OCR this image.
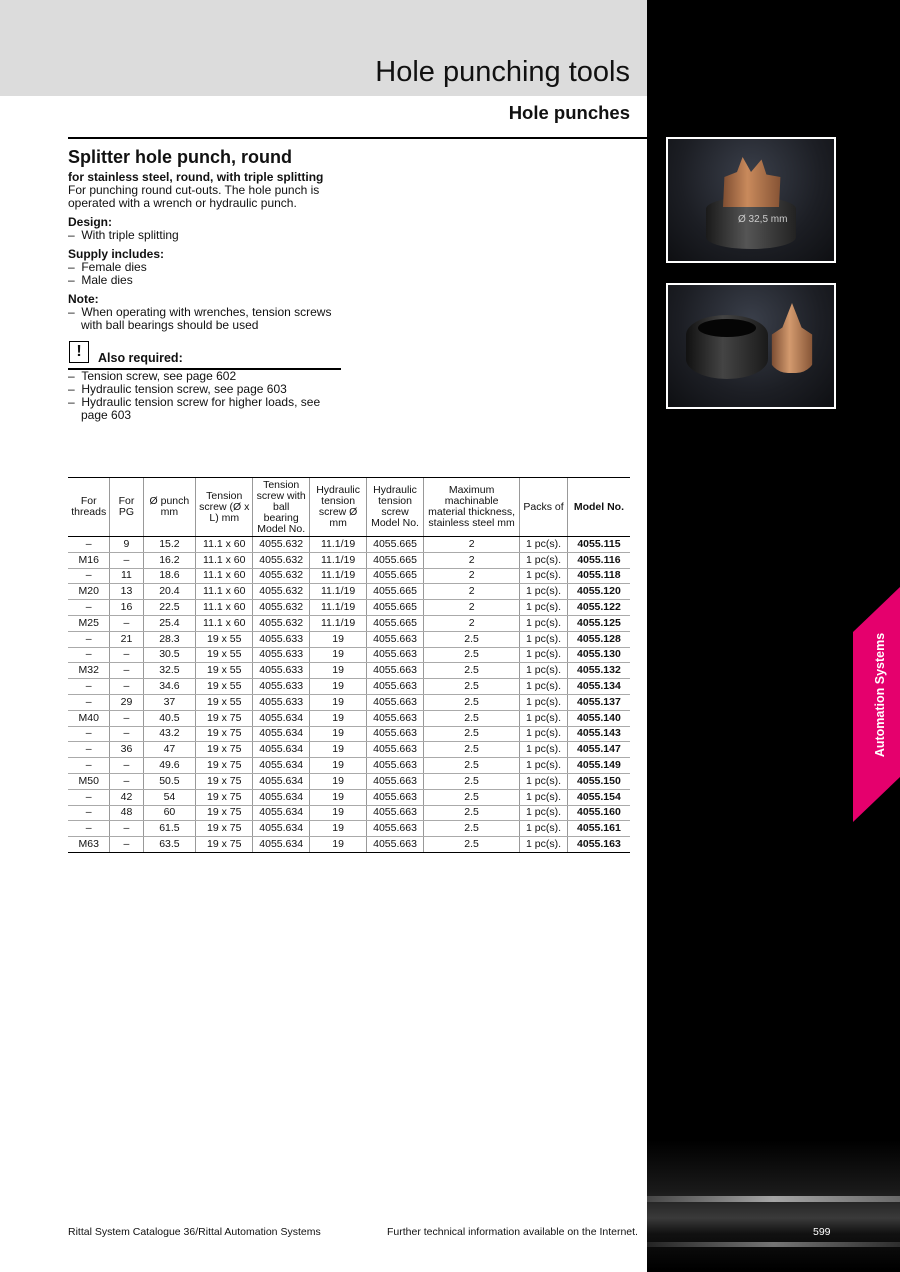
Hole punching tools
Hole punches
Ø 32,5 mm
Automation Systems
Splitter hole punch, round

for stainless steel, round, with triple splitting

For punching round cut-outs. The hole punch is operated with a wrench or hydraulic punch.

Design:

–  With triple splitting

Supply includes:

–  Female dies
–  Male dies

Note:

–  When operating with wrenches, tension screws with ball bearings should be used
!	Also required:
–  Tension screw, see page 602
–  Hydraulic tension screw, see page 603
–  Hydraulic tension screw for higher loads, see page 603
For threads	For PG	Ø punch mm	Tension screw (Ø x L) mm	Tension screw with ball bearing Model No.	Hydraulic tension screw Ø mm	Hydraulic tension screw Model No.	Maximum machinable material thickness, stainless steel mm	Packs of	Model No.
–	9	15.2	11.1 x 60	4055.632	11.1/19	4055.665	2	1 pc(s).	4055.115
M16	–	16.2	11.1 x 60	4055.632	11.1/19	4055.665	2	1 pc(s).	4055.116
–	11	18.6	11.1 x 60	4055.632	11.1/19	4055.665	2	1 pc(s).	4055.118
M20	13	20.4	11.1 x 60	4055.632	11.1/19	4055.665	2	1 pc(s).	4055.120
–	16	22.5	11.1 x 60	4055.632	11.1/19	4055.665	2	1 pc(s).	4055.122
M25	–	25.4	11.1 x 60	4055.632	11.1/19	4055.665	2	1 pc(s).	4055.125
–	21	28.3	19 x 55	4055.633	19	4055.663	2.5	1 pc(s).	4055.128
–	–	30.5	19 x 55	4055.633	19	4055.663	2.5	1 pc(s).	4055.130
M32	–	32.5	19 x 55	4055.633	19	4055.663	2.5	1 pc(s).	4055.132
–	–	34.6	19 x 55	4055.633	19	4055.663	2.5	1 pc(s).	4055.134
–	29	37	19 x 55	4055.633	19	4055.663	2.5	1 pc(s).	4055.137
M40	–	40.5	19 x 75	4055.634	19	4055.663	2.5	1 pc(s).	4055.140
–	–	43.2	19 x 75	4055.634	19	4055.663	2.5	1 pc(s).	4055.143
–	36	47	19 x 75	4055.634	19	4055.663	2.5	1 pc(s).	4055.147
–	–	49.6	19 x 75	4055.634	19	4055.663	2.5	1 pc(s).	4055.149
M50	–	50.5	19 x 75	4055.634	19	4055.663	2.5	1 pc(s).	4055.150
–	42	54	19 x 75	4055.634	19	4055.663	2.5	1 pc(s).	4055.154
–	48	60	19 x 75	4055.634	19	4055.663	2.5	1 pc(s).	4055.160
–	–	61.5	19 x 75	4055.634	19	4055.663	2.5	1 pc(s).	4055.161
M63	–	63.5	19 x 75	4055.634	19	4055.663	2.5	1 pc(s).	4055.163
Rittal System Catalogue 36/Rittal Automation Systems	Further technical information available on the Internet.	599
